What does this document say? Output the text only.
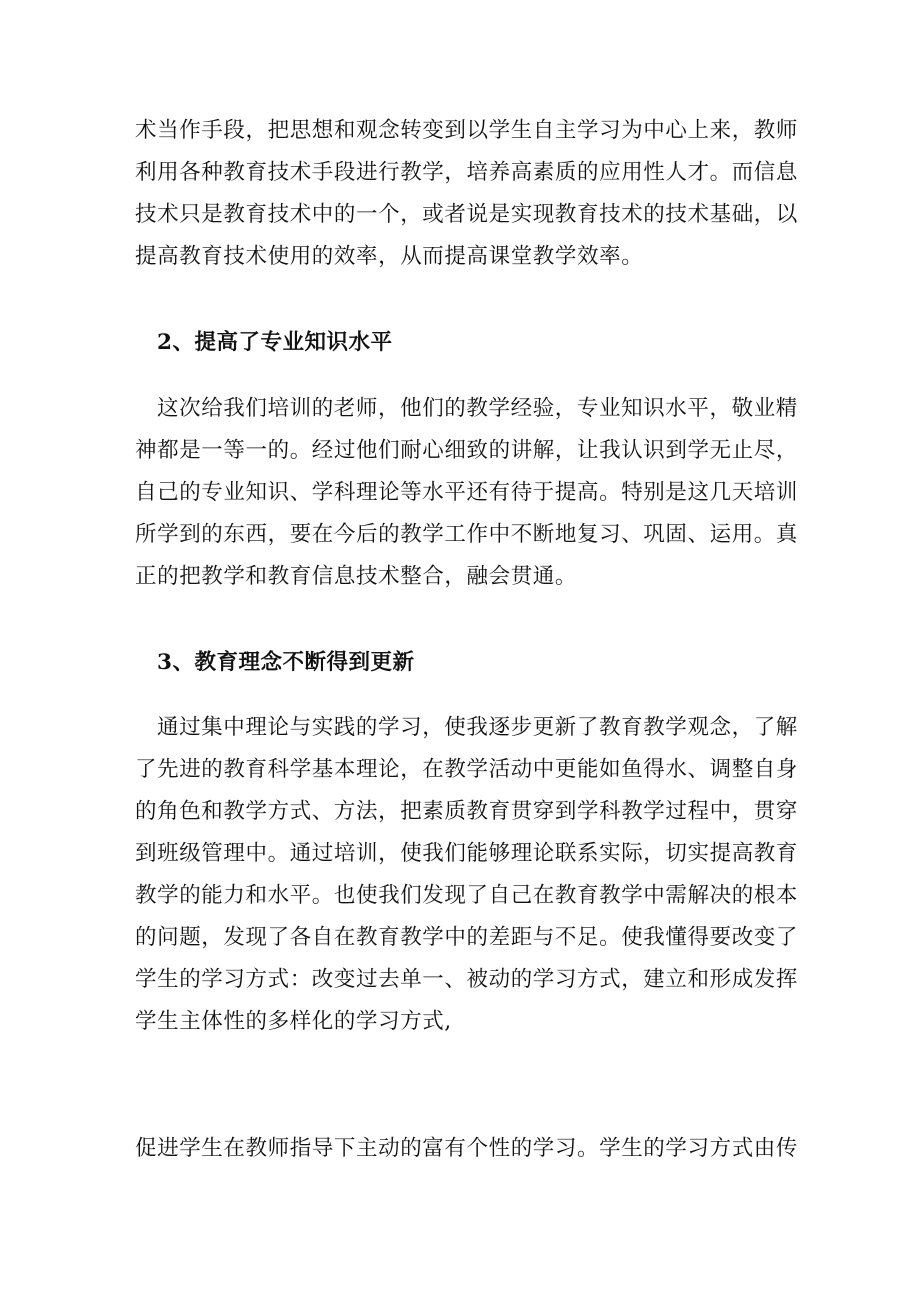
术当作手段，把思想和观念转变到以学生自主学习为中心上来，教师
利用各种教育技术手段进行教学，培养高素质的应用性人才。而信息
技术只是教育技术中的一个，或者说是实现教育技术的技术基础，以
提高教育技术使用的效率，从而提高课堂教学效率。
2、提高了专业知识水平
这次给我们培训的老师，他们的教学经验，专业知识水平，敬业精
神都是一等一的。经过他们耐心细致的讲解，让我认识到学无止尽，
自己的专业知识、学科理论等水平还有待于提高。特别是这几天培训
所学到的东西，要在今后的教学工作中不断地复习、巩固、运用。真
正的把教学和教育信息技术整合，融会贯通。
3、教育理念不断得到更新
通过集中理论与实践的学习，使我逐步更新了教育教学观念，了解
了先进的教育科学基本理论，在教学活动中更能如鱼得水、调整自身
的角色和教学方式、方法，把素质教育贯穿到学科教学过程中，贯穿
到班级管理中。通过培训，使我们能够理论联系实际，切实提高教育
教学的能力和水平。也使我们发现了自己在教育教学中需解决的根本
的问题，发现了各自在教育教学中的差距与不足。使我懂得要改变了
学生的学习方式：改变过去单一、被动的学习方式，建立和形成发挥
学生主体性的多样化的学习方式,
促进学生在教师指导下主动的富有个性的学习。学生的学习方式由传
